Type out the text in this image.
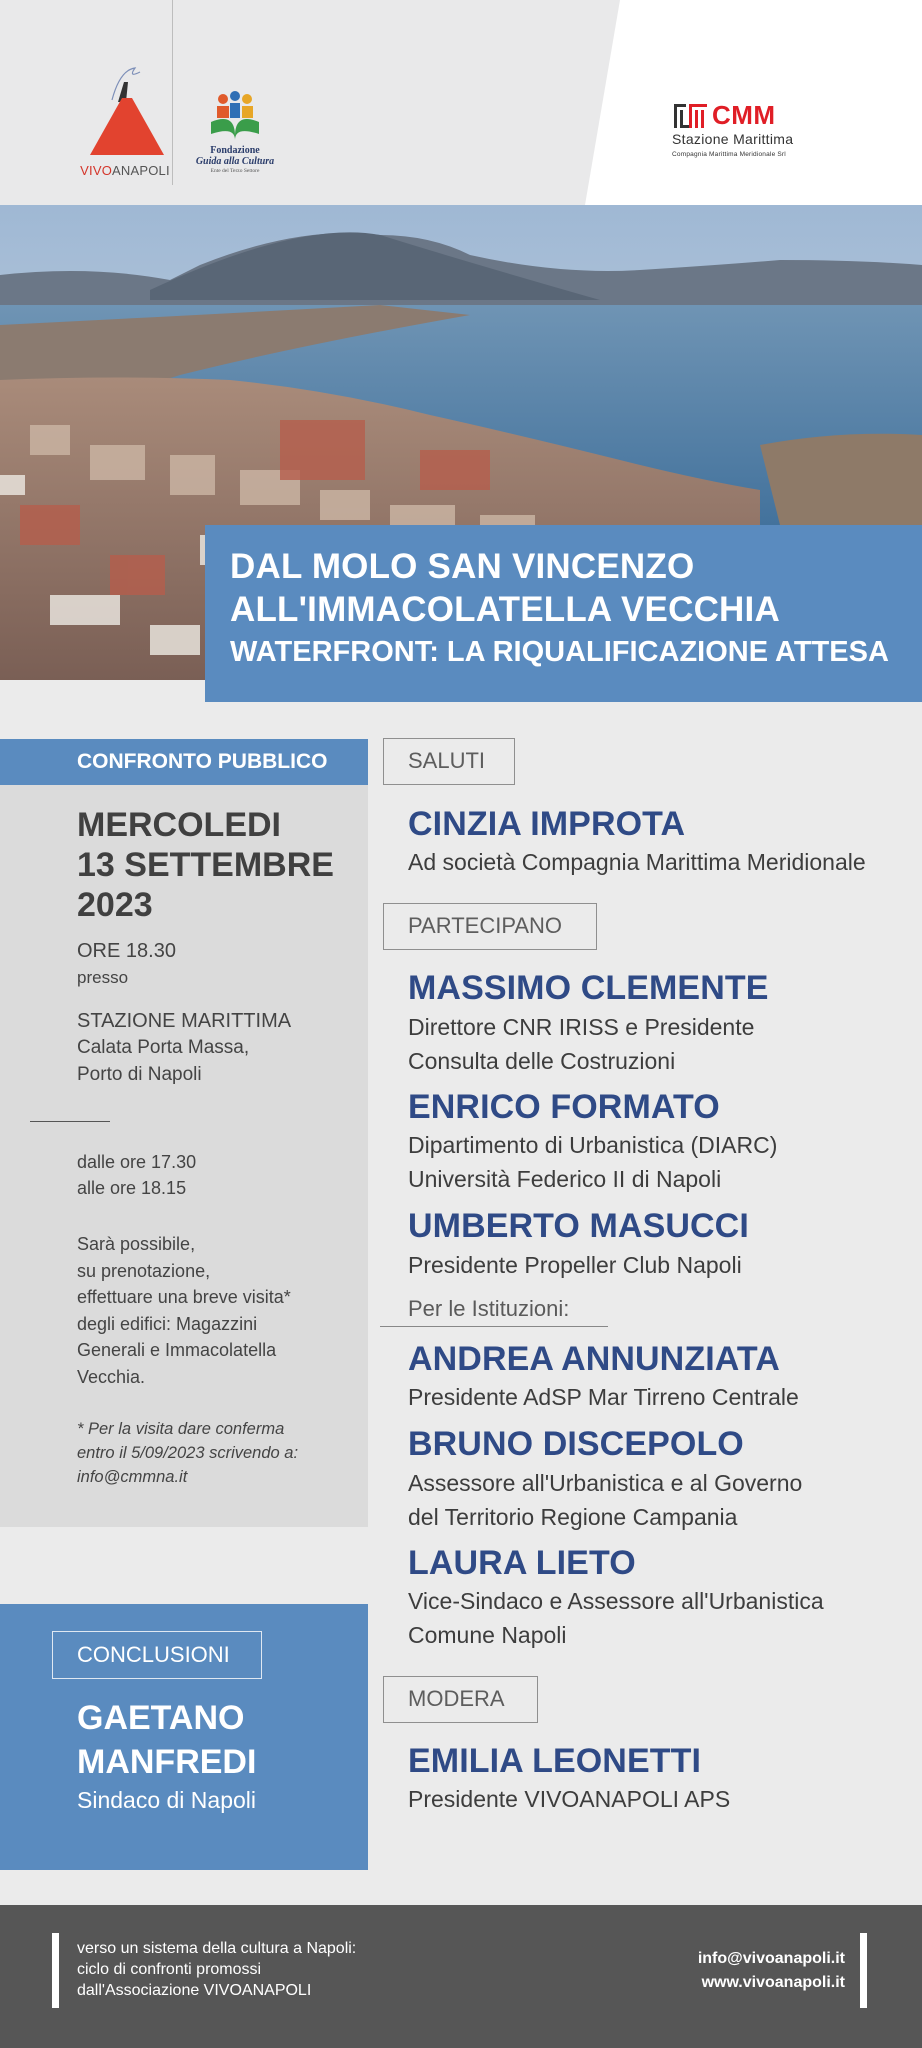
VIVOANAPOLI
Fondazione
Guida alla Cultura
Ente del Terzo Settore
CMM
Stazione Marittima
Compagnia Marittima Meridionale Srl
DAL MOLO SAN VINCENZO
ALL'IMMACOLATELLA VECCHIA
WATERFRONT: LA RIQUALIFICAZIONE ATTESA
CONFRONTO PUBBLICO
MERCOLEDI
13 SETTEMBRE
2023
ORE 18.30
presso
STAZIONE MARITTIMA
Calata Porta Massa,
Porto di Napoli
dalle ore 17.30
alle ore 18.15
Sarà possibile,
su prenotazione,
effettuare una breve visita*
degli edifici: Magazzini
Generali e Immacolatella
Vecchia.
* Per la visita dare conferma
entro il 5/09/2023 scrivendo a:
info@cmmna.it
CONCLUSIONI
GAETANO
MANFREDI
Sindaco di Napoli
SALUTI
CINZIA IMPROTA
Ad società Compagnia Marittima Meridionale
PARTECIPANO
MASSIMO CLEMENTE
Direttore CNR IRISS e Presidente
Consulta delle Costruzioni
ENRICO FORMATO
Dipartimento di Urbanistica (DIARC)
Università Federico II di Napoli
UMBERTO MASUCCI
Presidente Propeller Club Napoli
Per le Istituzioni:
ANDREA ANNUNZIATA
Presidente AdSP Mar Tirreno Centrale
BRUNO DISCEPOLO
Assessore all'Urbanistica e al Governo
del Territorio Regione Campania
LAURA LIETO
Vice-Sindaco e Assessore all'Urbanistica
Comune Napoli
MODERA
EMILIA LEONETTI
Presidente VIVOANAPOLI APS
verso un sistema della cultura a Napoli:
ciclo di confronti promossi
dall'Associazione VIVOANAPOLI
info@vivoanapoli.it
www.vivoanapoli.it
